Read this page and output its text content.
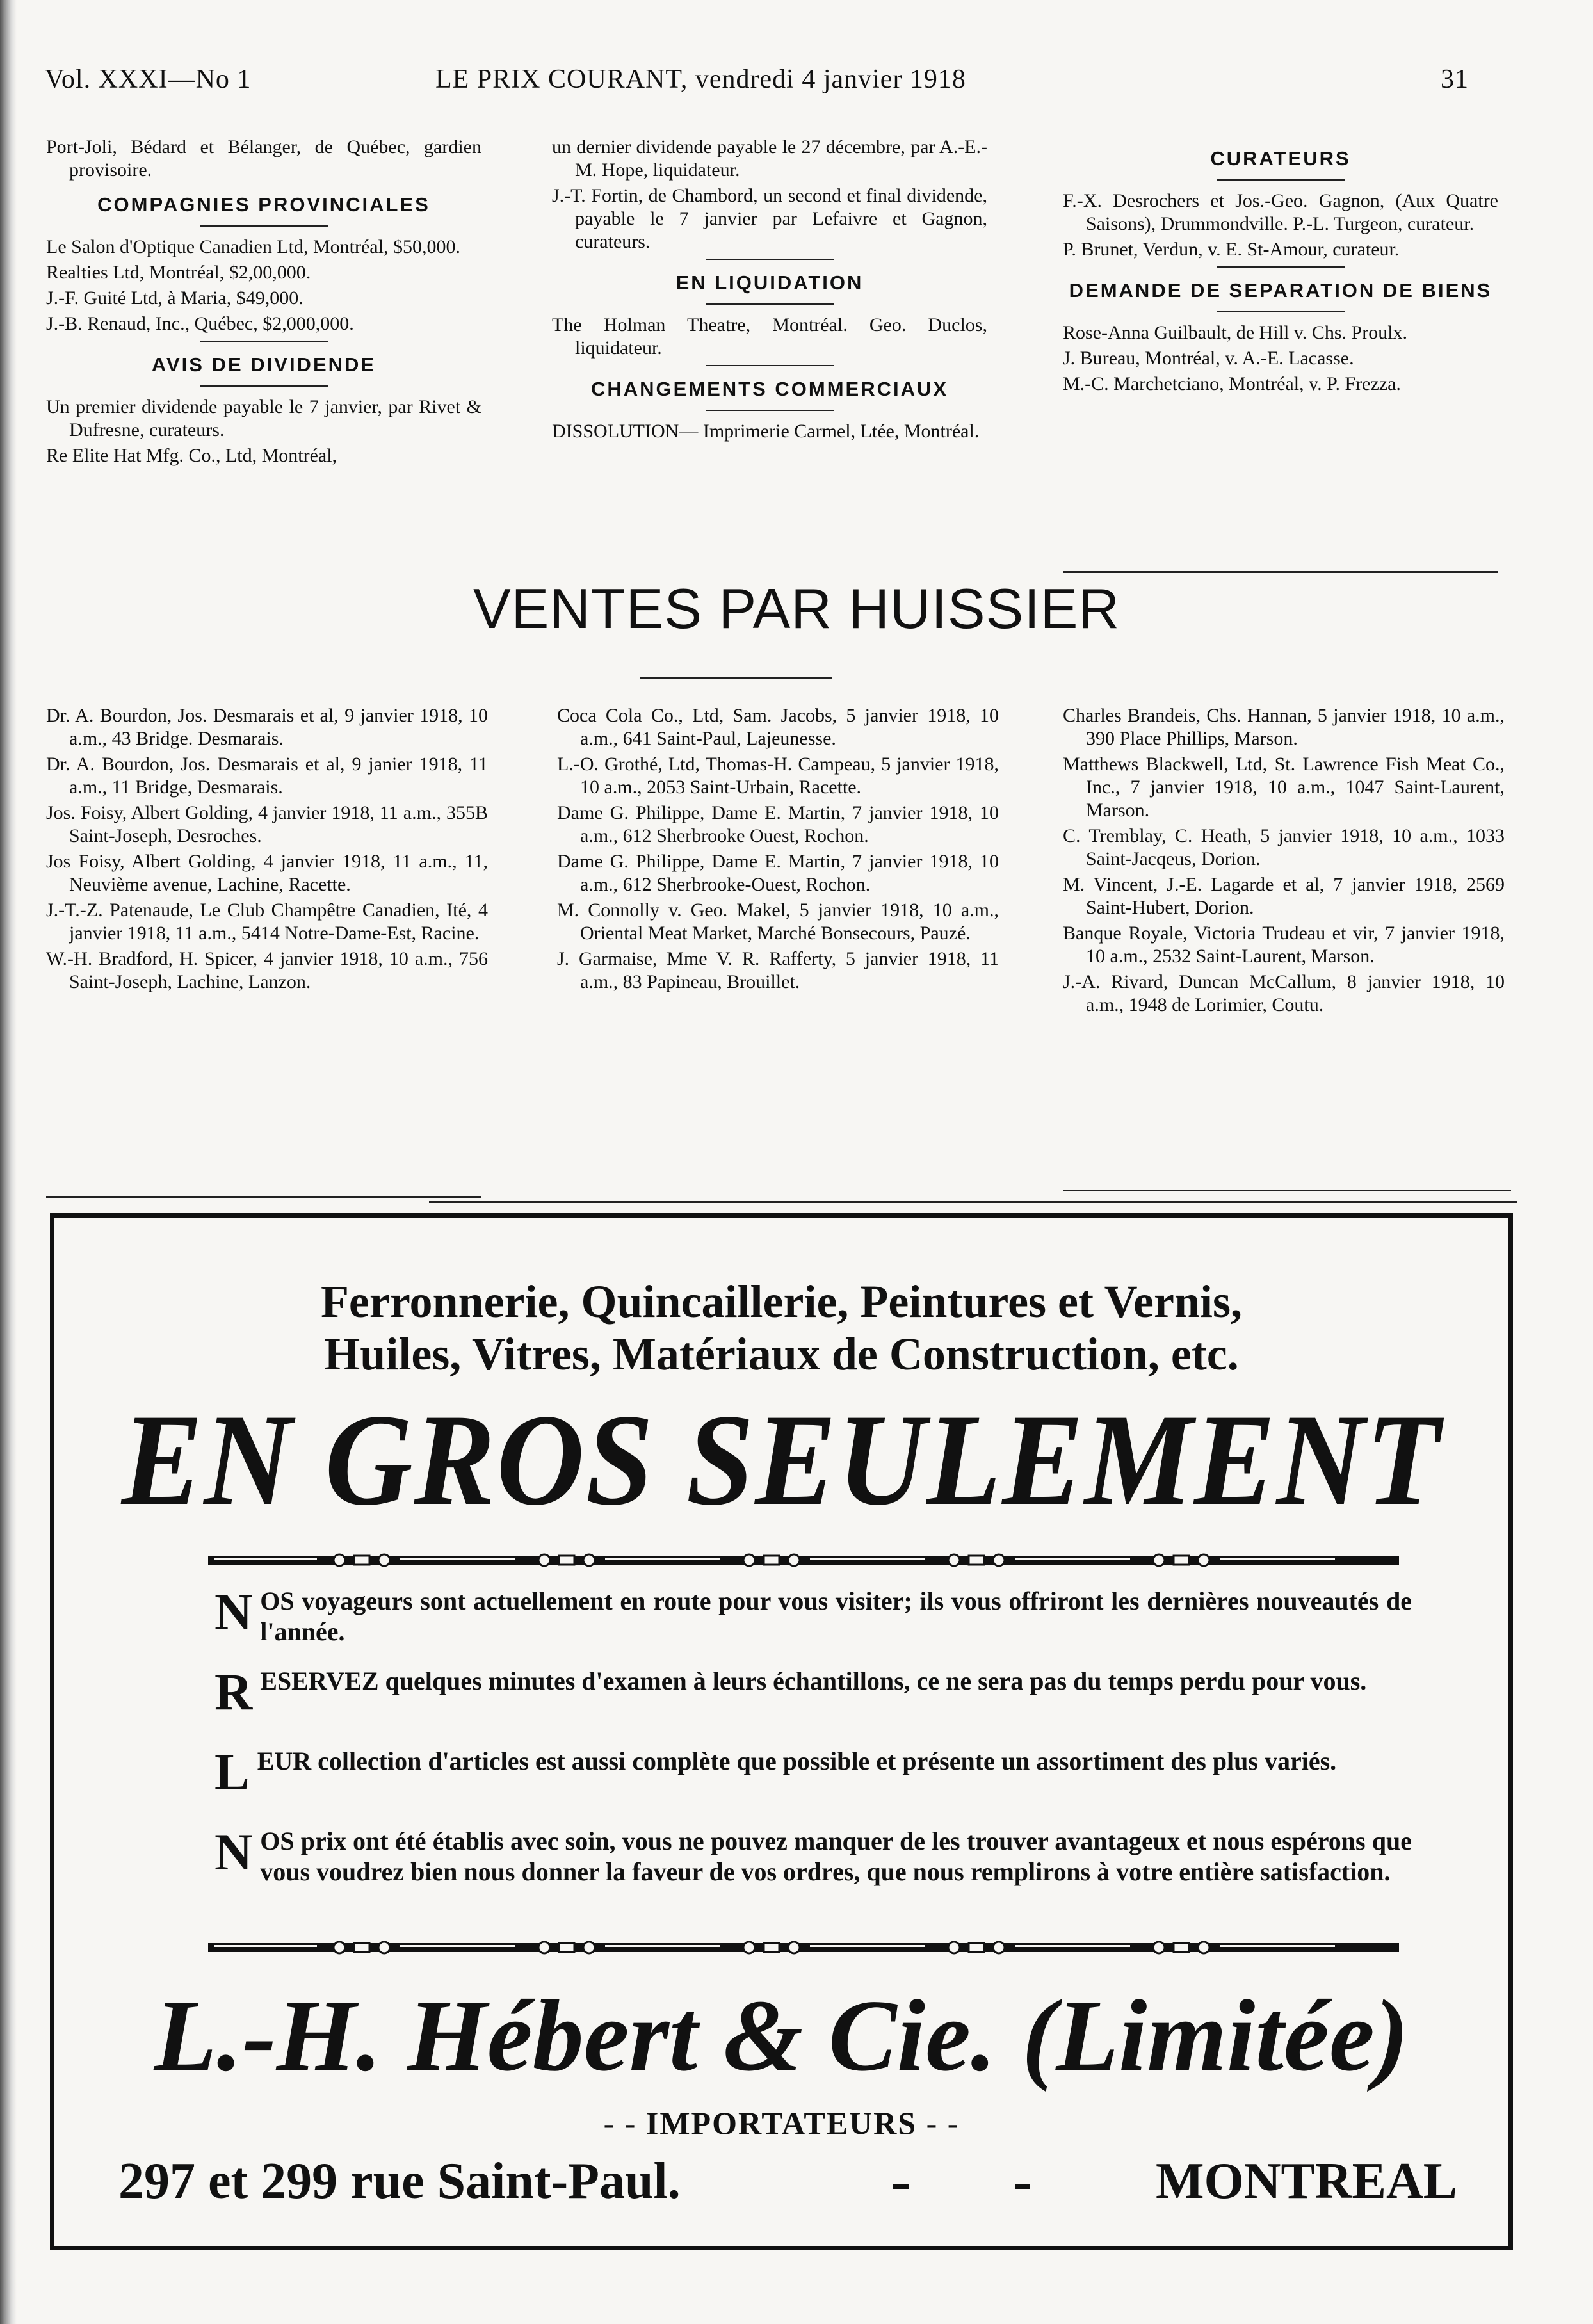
Vol. XXXI—No 1	LE PRIX COURANT, vendredi 4 janvier 1918	31

Port-Joli, Bédard et Bélanger, de Québec, gardien provisoire.

COMPAGNIES PROVINCIALES

Le Salon d'Optique Canadien Ltd, Montréal, $50,000.

Realties Ltd, Montréal, $2,00,000.

J.-F. Guité Ltd, à Maria, $49,000.

J.-B. Renaud, Inc., Québec, $2,000,000.

AVIS DE DIVIDENDE

Un premier dividende payable le 7 janvier, par Rivet & Dufresne, curateurs.

Re Elite Hat Mfg. Co., Ltd, Montréal,

un dernier dividende payable le 27 décembre, par A.-E.-M. Hope, liquidateur.

J.-T. Fortin, de Chambord, un second et final dividende, payable le 7 janvier par Lefaivre et Gagnon, curateurs.

EN LIQUIDATION

The Holman Theatre, Montréal. Geo. Duclos, liquidateur.

CHANGEMENTS COMMERCIAUX

DISSOLUTION— Imprimerie Carmel, Ltée, Montréal.

CURATEURS

F.-X. Desrochers et Jos.-Geo. Gagnon, (Aux Quatre Saisons), Drummondville. P.-L. Turgeon, curateur.

P. Brunet, Verdun, v. E. St-Amour, curateur.

DEMANDE DE SEPARATION DE BIENS

Rose-Anna Guilbault, de Hill v. Chs. Proulx.

J. Bureau, Montréal, v. A.-E. Lacasse.

M.-C. Marchetciano, Montréal, v. P. Frezza.

VENTES PAR HUISSIER

Dr. A. Bourdon, Jos. Desmarais et al, 9 janvier 1918, 10 a.m., 43 Bridge. Desmarais.

Dr. A. Bourdon, Jos. Desmarais et al, 9 janier 1918, 11 a.m., 11 Bridge, Desmarais.

Jos. Foisy, Albert Golding, 4 janvier 1918, 11 a.m., 355B Saint-Joseph, Desroches.

Jos Foisy, Albert Golding, 4 janvier 1918, 11 a.m., 11, Neuvième avenue, Lachine, Racette.

J.-T.-Z. Patenaude, Le Club Champêtre Canadien, Ité, 4 janvier 1918, 11 a.m., 5414 Notre-Dame-Est, Racine.

W.-H. Bradford, H. Spicer, 4 janvier 1918, 10 a.m., 756 Saint-Joseph, Lachine, Lanzon.

Coca Cola Co., Ltd, Sam. Jacobs, 5 janvier 1918, 10 a.m., 641 Saint-Paul, Lajeunesse.

L.-O. Grothé, Ltd, Thomas-H. Campeau, 5 janvier 1918, 10 a.m., 2053 Saint-Urbain, Racette.

Dame G. Philippe, Dame E. Martin, 7 janvier 1918, 10 a.m., 612 Sherbrooke Ouest, Rochon.

Dame G. Philippe, Dame E. Martin, 7 janvier 1918, 10 a.m., 612 Sherbrooke-Ouest, Rochon.

M. Connolly v. Geo. Makel, 5 janvier 1918, 10 a.m., Oriental Meat Market, Marché Bonsecours, Pauzé.

J. Garmaise, Mme V. R. Rafferty, 5 janvier 1918, 11 a.m., 83 Papineau, Brouillet.

Charles Brandeis, Chs. Hannan, 5 janvier 1918, 10 a.m., 390 Place Phillips, Marson.

Matthews Blackwell, Ltd, St. Lawrence Fish Meat Co., Inc., 7 janvier 1918, 10 a.m., 1047 Saint-Laurent, Marson.

C. Tremblay, C. Heath, 5 janvier 1918, 10 a.m., 1033 Saint-Jacqeus, Dorion.

M. Vincent, J.-E. Lagarde et al, 7 janvier 1918, 2569 Saint-Hubert, Dorion.

Banque Royale, Victoria Trudeau et vir, 7 janvier 1918, 10 a.m., 2532 Saint-Laurent, Marson.

J.-A. Rivard, Duncan McCallum, 8 janvier 1918, 10 a.m., 1948 de Lorimier, Coutu.

Ferronnerie, Quincaillerie, Peintures et Vernis,
Huiles, Vitres, Matériaux de Construction, etc.
EN GROS SEULEMENT
NOS voyageurs sont actuellement en route pour vous visiter; ils vous offriront les dernières nouveautés de l'année.
RESERVEZ quelques minutes d'examen à leurs échantillons, ce ne sera pas du temps perdu pour vous.
LEUR collection d'articles est aussi complète que possible et présente un assortiment des plus variés.
NOS prix ont été établis avec soin, vous ne pouvez manquer de les trouver avantageux et nous espérons que vous voudrez bien nous donner la faveur de vos ordres, que nous remplirons à votre entière satisfaction.
L.-H. Hébert & Cie. (Limitée)
- - IMPORTATEURS - -
297 et 299 rue Saint-Paul.	MONTREAL
